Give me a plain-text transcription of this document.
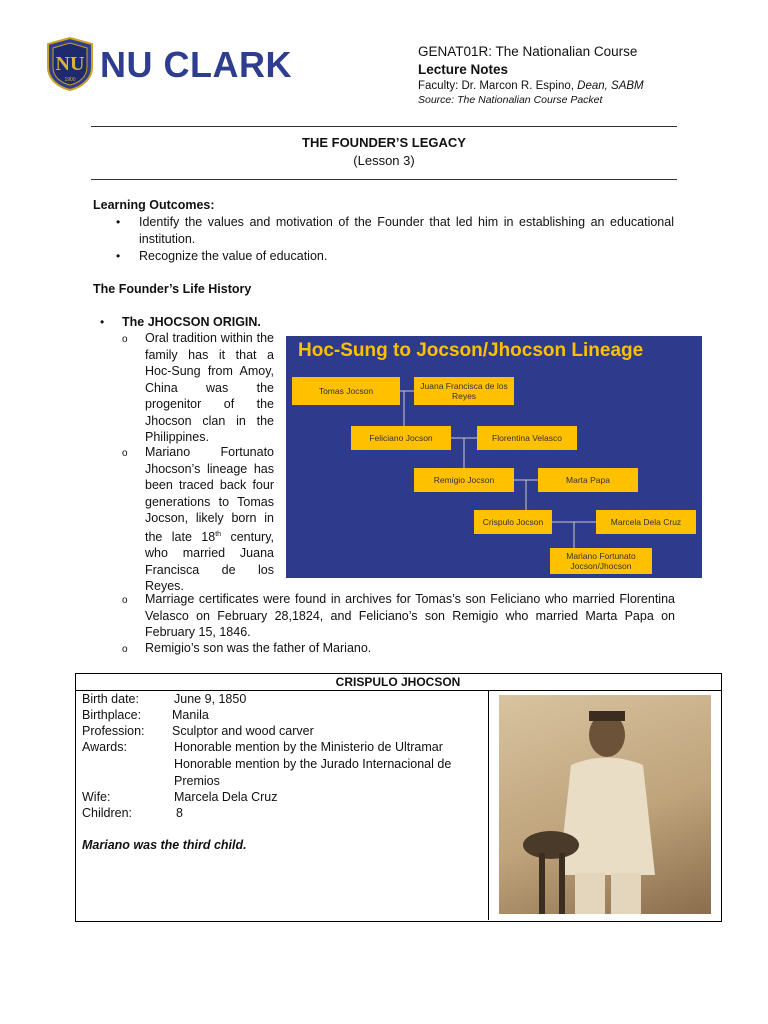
NU
1900 NU CLARK	GENAT01R: The Nationalian Course
Lecture Notes
Faculty: Dr. Marcon R. Espino, Dean, SABM
Source: The Nationalian Course Packet
THE FOUNDER’S LEGACY
(Lesson 3)
Learning Outcomes:
• Identify the values and motivation of the Founder that led him in establishing an educational institution.
• Recognize the value of education.
The Founder’s Life History
• The JHOCSON ORIGIN.
o Oral tradition within the family has it that a Hoc-Sung from Amoy, China was the progenitor of the Jhocson clan in the Philippines.
o Mariano Fortunato Jhocson’s lineage has been traced back four generations to Tomas Jocson, likely born in the late 18th century, who married Juana Francisca de los Reyes.
o Marriage certificates were found in archives for Tomas’s son Feliciano who married Florentina Velasco on February 28,1824, and Feliciano’s son Remigio who married Marta Papa on February 15, 1846.
o Remigio’s son was the father of Mariano.
Hoc-Sung to Jocson/Jhocson Lineage
Tomas Jocson	Juana Francisca de los Reyes
Feliciano Jocson	Florentina Velasco
Remigio Jocson	Marta Papa
Crispulo Jocson	Marcela Dela Cruz
Mariano Fortunato Jocson/Jhocson
CRISPULO JHOCSON
Birth date:	June 9, 1850
Birthplace: Manila
Profession: Sculptor and wood carver
Awards:	Honorable mention by the Ministerio de Ultramar
Honorable mention by the Jurado Internacional de Premios
Wife:	Marcela Dela Cruz
Children:	8
Mariano was the third child.
